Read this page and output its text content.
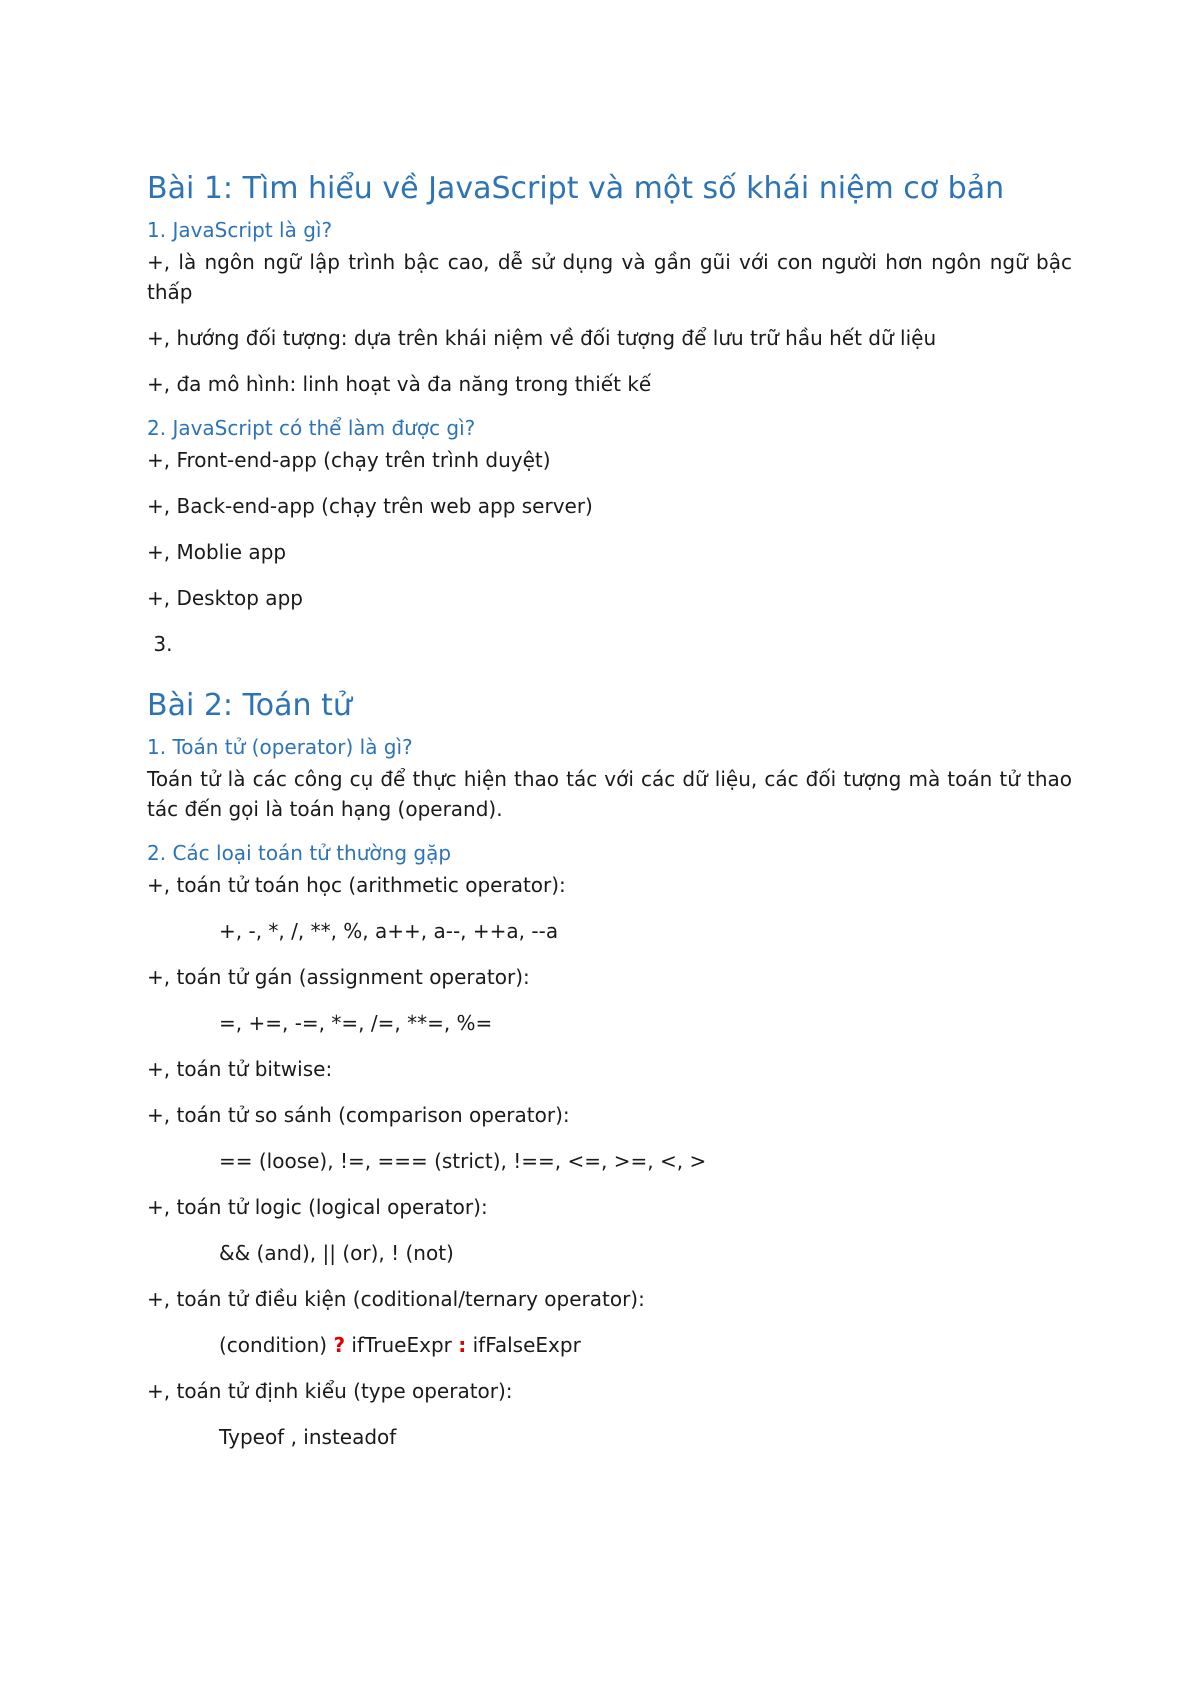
Bài 1: Tìm hiểu về JavaScript và một số khái niệm cơ bản
1. JavaScript là gì?

+, là ngôn ngữ lập trình bậc cao, dễ sử dụng và gần gũi với con người hơn ngôn ngữ bậc thấp

+, hướng đối tượng: dựa trên khái niệm về đối tượng để lưu trữ hầu hết dữ liệu

+, đa mô hình: linh hoạt và đa năng trong thiết kế

2. JavaScript có thể làm được gì?

+, Front-end-app (chạy trên trình duyệt)

+, Back-end-app (chạy trên web app server)

+, Moblie app

+, Desktop app

3.

Bài 2: Toán tử
1. Toán tử (operator) là gì?

Toán tử là các công cụ để thực hiện thao tác với các dữ liệu, các đối tượng mà toán tử thao tác đến gọi là toán hạng (operand).

2. Các loại toán tử thường gặp

+, toán tử toán học (arithmetic operator):

+, -, *, /, **, %, a++, a--, ++a, --a

+, toán tử gán (assignment operator):

=, +=, -=, *=, /=, **=, %=

+, toán tử bitwise:

+, toán tử so sánh (comparison operator):

== (loose), !=, === (strict), !==, <=, >=, <, >

+, toán tử logic (logical operator):

&& (and), || (or), ! (not)

+, toán tử điều kiện (coditional/ternary operator):

(condition) ? ifTrueExpr : ifFalseExpr

+, toán tử định kiểu (type operator):

Typeof , insteadof
